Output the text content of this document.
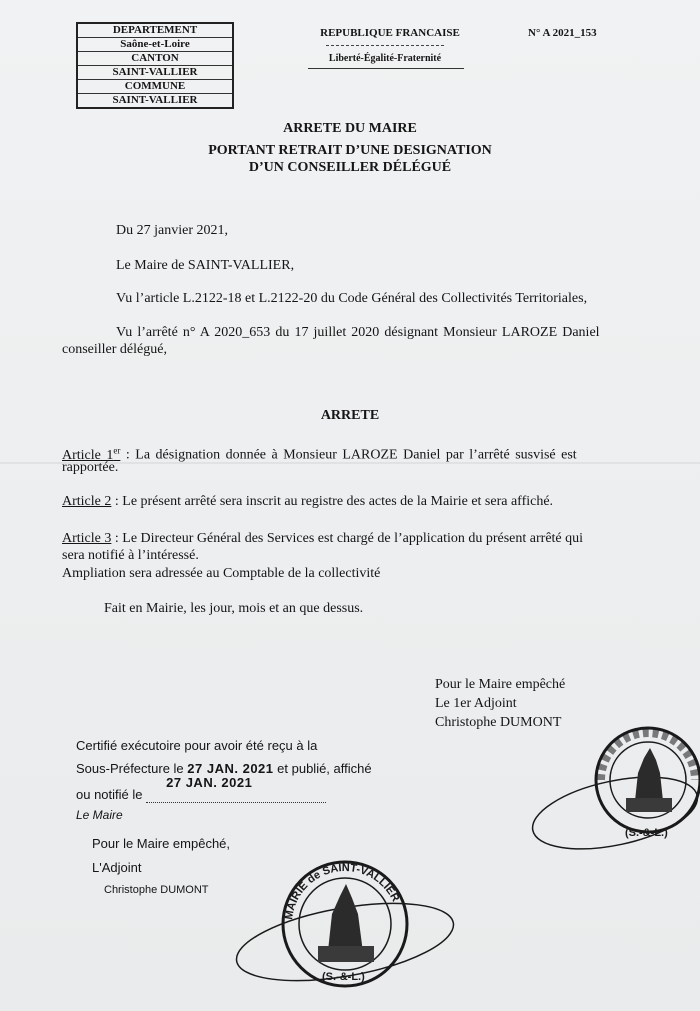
DEPARTEMENT
Saône-et-Loire
CANTON
SAINT-VALLIER
COMMUNE
SAINT-VALLIER
REPUBLIQUE FRANCAISE
Liberté-Égalité-Fraternité
N° A 2021_153
ARRETE DU MAIRE
PORTANT RETRAIT D’UNE DESIGNATION
D’UN CONSEILLER DÉLÉGUÉ
Du 27 janvier 2021,
Le Maire de SAINT-VALLIER,
Vu l’article L.2122-18 et L.2122-20 du Code Général des Collectivités Territoriales,
Vu l’arrêté n° A 2020_653 du 17 juillet 2020 désignant Monsieur LAROZE Daniel
conseiller délégué,
ARRETE
Article 1er : La désignation donnée à Monsieur LAROZE Daniel par l’arrêté susvisé est
rapportée.
Article 2 : Le présent arrêté sera inscrit au registre des actes de la Mairie et sera affiché.
Article 3 : Le Directeur Général des Services est chargé de l’application du présent arrêté qui
sera notifié à l’intéressé.
Ampliation sera adressée au Comptable de la collectivité
Fait en Mairie, les jour, mois et an que dessus.
Pour le Maire empêché
Le 1er Adjoint
Christophe DUMONT
(S.-&-L.)
Certifié exécutoire pour avoir été reçu à la
Sous-Préfecture le 27 JAN. 2021 et publié, affiché
ou notifié le
27 JAN. 2021

Le Maire
Pour le Maire empêché,
L'Adjoint
Christophe DUMONT
MAIRIE de SAINT-VALLIER
(S.-&-L.)
